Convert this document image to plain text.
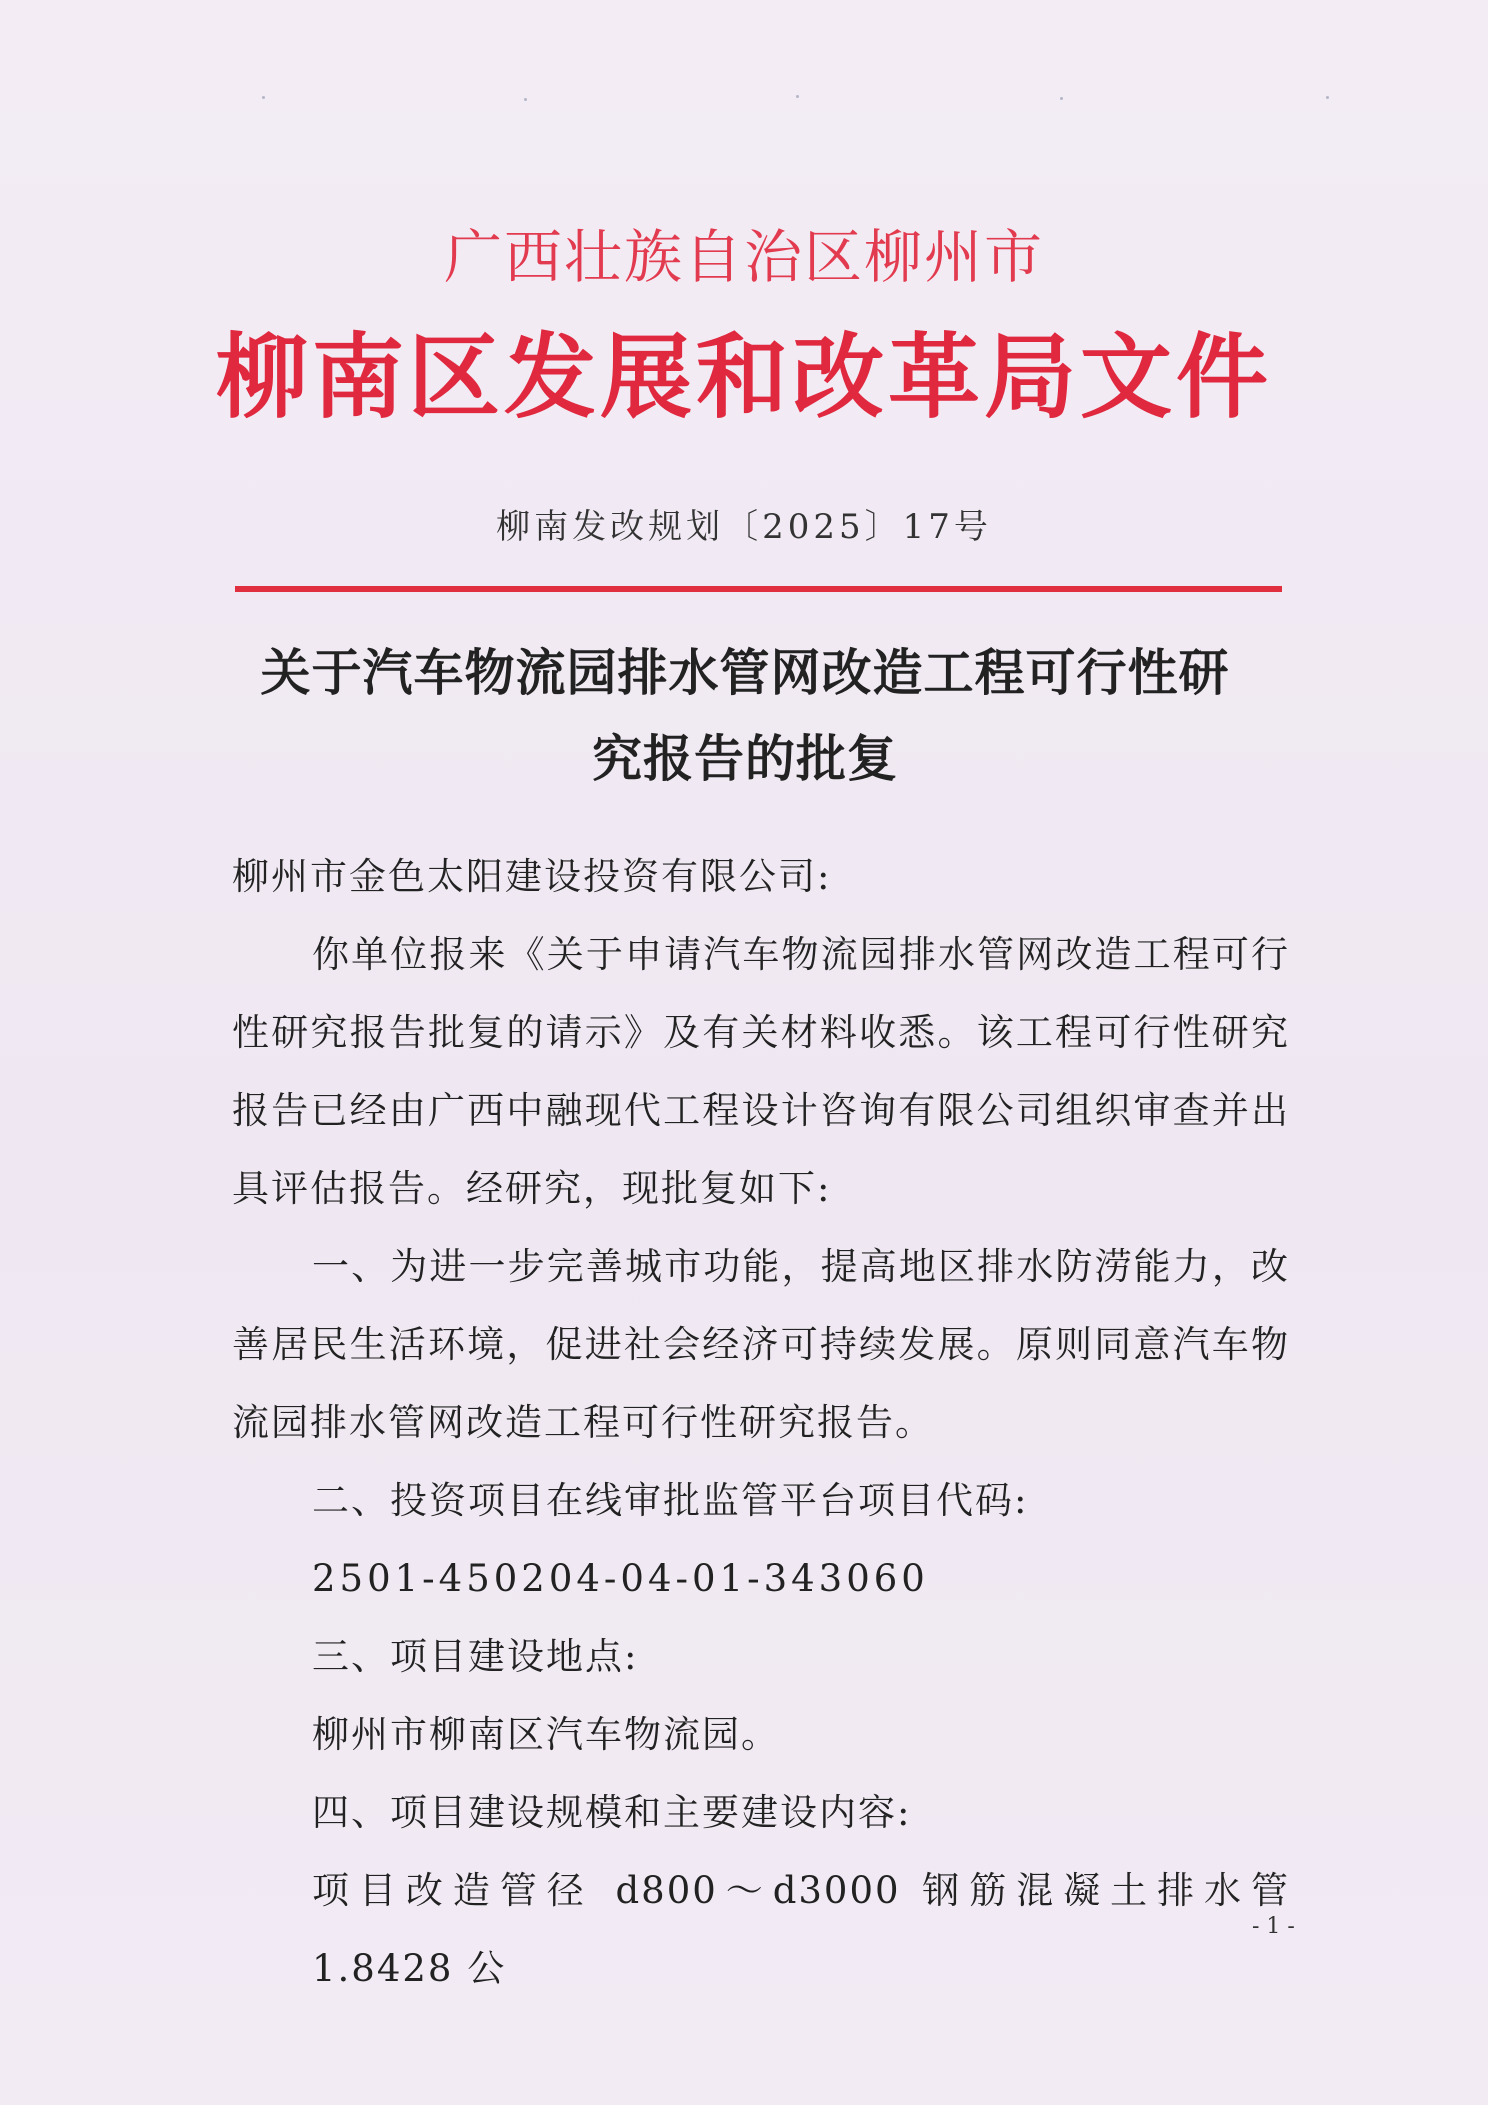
广西壮族自治区柳州市
柳南区发展和改革局文件
柳南发改规划〔2025〕17号
关于汽车物流园排水管网改造工程可行性研
究报告的批复

柳州市金色太阳建设投资有限公司:

你单位报来《关于申请汽车物流园排水管网改造工程可行性研究报告批复的请示》及有关材料收悉。该工程可行性研究报告已经由广西中融现代工程设计咨询有限公司组织审查并出具评估报告。经研究，现批复如下:

一、为进一步完善城市功能，提高地区排水防涝能力，改善居民生活环境，促进社会经济可持续发展。原则同意汽车物流园排水管网改造工程可行性研究报告。

二、投资项目在线审批监管平台项目代码:

2501-450204-04-01-343060

三、项目建设地点:

柳州市柳南区汽车物流园。

四、项目建设规模和主要建设内容:

项目改造管径 d800～d3000 钢筋混凝土排水管 1.8428 公

- 1 -
